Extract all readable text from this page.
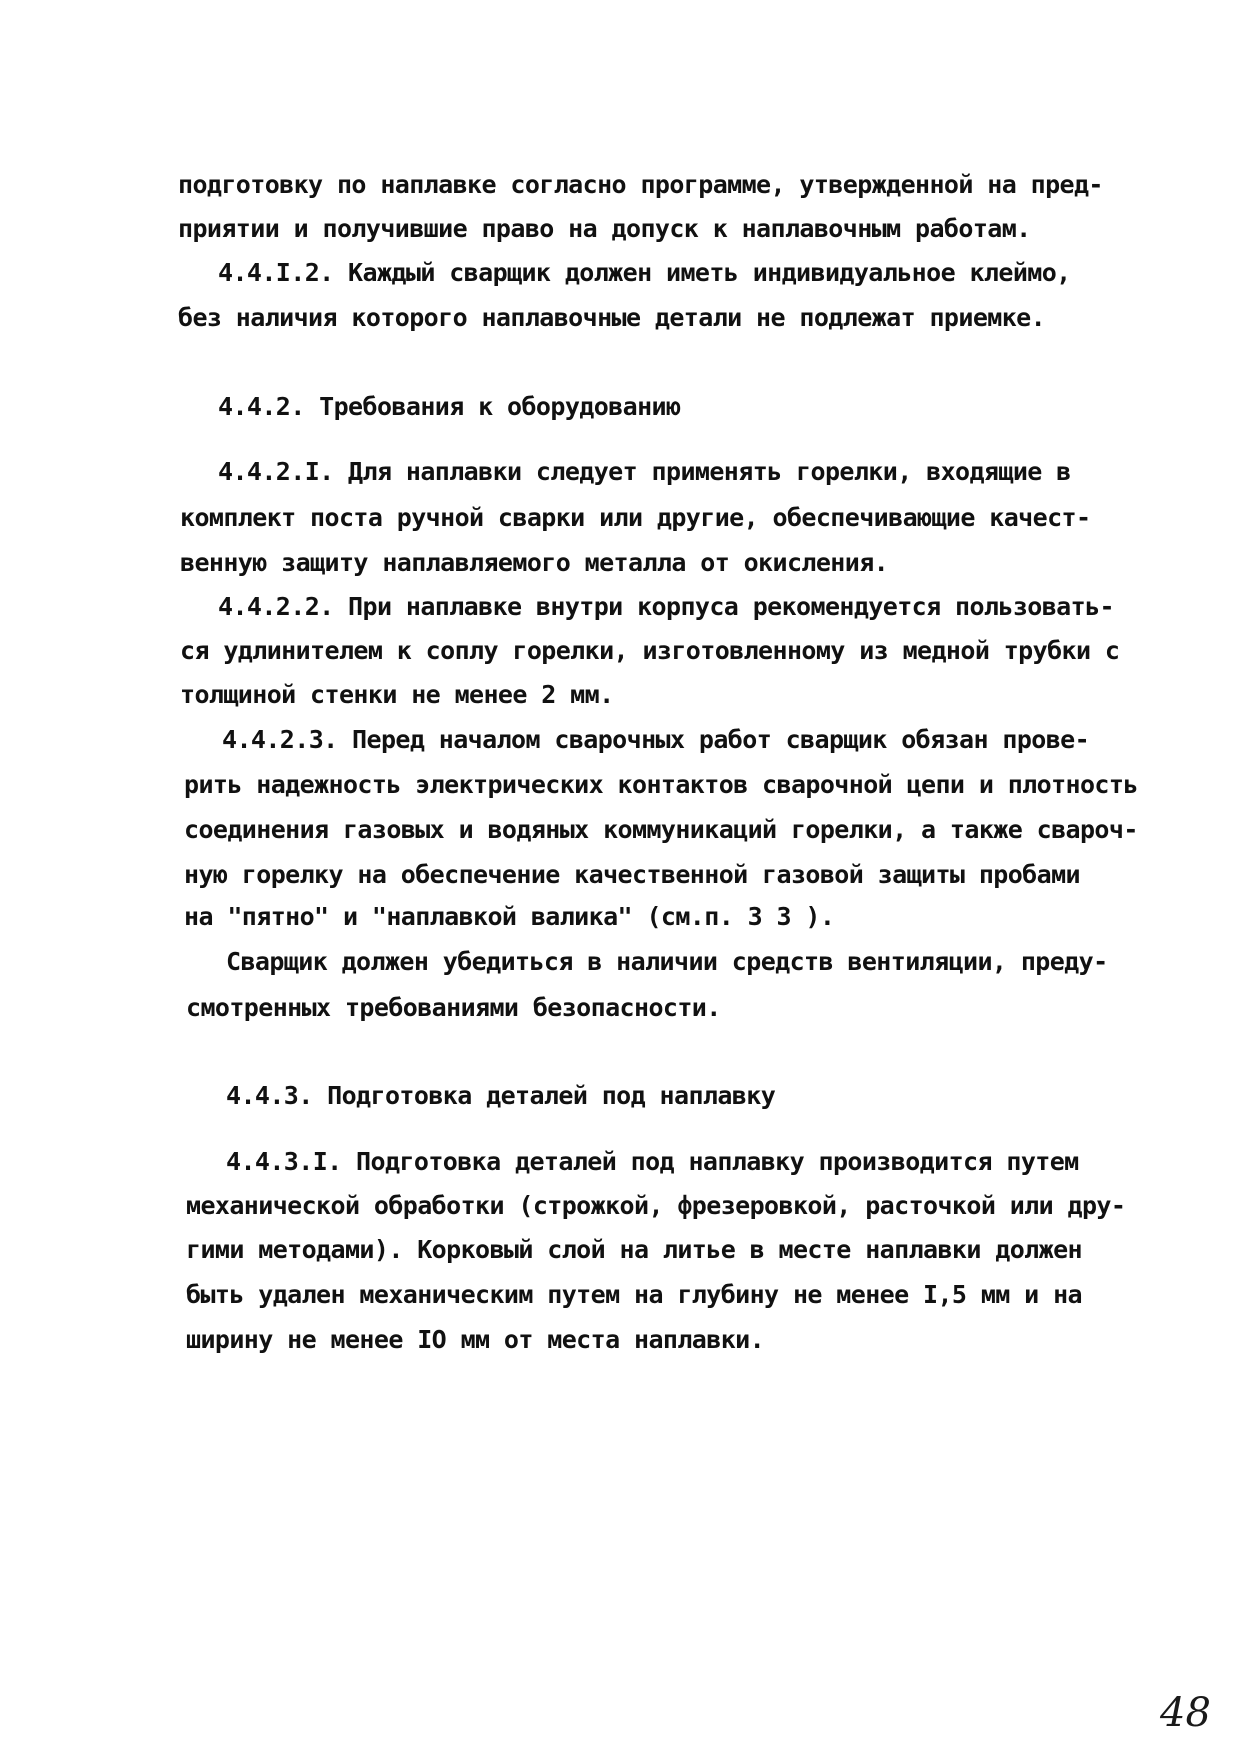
подготовку по наплавке согласно программе, утвержденной на пред-
приятии и получившие право на допуск к наплавочным работам.
4.4.I.2. Каждый сварщик должен иметь индивидуальное клеймо,
без наличия которого наплавочные детали не подлежат приемке.
4.4.2. Требования к оборудованию
4.4.2.I. Для наплавки следует применять горелки, входящие в
комплект поста ручной сварки или другие, обеспечивающие качест-
венную защиту наплавляемого металла от окисления.
4.4.2.2. При наплавке внутри корпуса рекомендуется пользовать-
ся удлинителем к соплу горелки, изготовленному из медной трубки с
толщиной стенки не менее 2 мм.
4.4.2.3. Перед началом сварочных работ сварщик обязан прове-
рить надежность электрических контактов сварочной цепи и плотность
соединения газовых и водяных коммуникаций горелки, а также свароч-
ную горелку на обеспечение качественной газовой защиты пробами
на "пятно" и "наплавкой валика" (см.п. 3 3 ).
Сварщик должен убедиться в наличии средств вентиляции, преду-
смотренных требованиями безопасности.
4.4.3. Подготовка деталей под наплавку
4.4.3.I. Подготовка деталей под наплавку производится путем
механической обработки (строжкой, фрезеровкой, расточкой или дру-
гими методами). Корковый слой на литье в месте наплавки должен
быть удален механическим путем на глубину не менее I,5 мм и на
ширину не менее IO мм от места наплавки.
48
